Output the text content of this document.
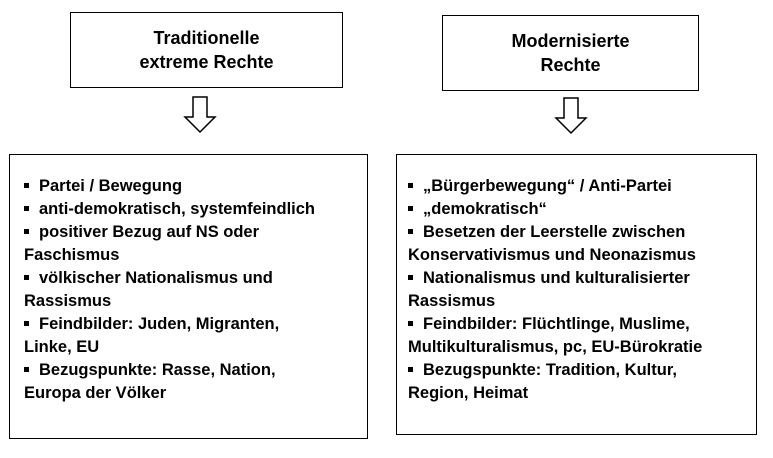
Traditionelle
extreme Rechte
Modernisierte
Rechte
Partei / Bewegung
anti-demokratisch, systemfeindlich
positiver Bezug auf NS oder
Faschismus
völkischer Nationalismus und
Rassismus
Feindbilder: Juden, Migranten,
Linke, EU
Bezugspunkte: Rasse, Nation,
Europa der Völker
„Bürgerbewegung“ / Anti-Partei
„demokratisch“
Besetzen der Leerstelle zwischen
Konservativismus und Neonazismus
Nationalismus und kulturalisierter
Rassismus
Feindbilder: Flüchtlinge, Muslime,
Multikulturalismus, pc, EU-Bürokratie
Bezugspunkte: Tradition, Kultur,
Region, Heimat
